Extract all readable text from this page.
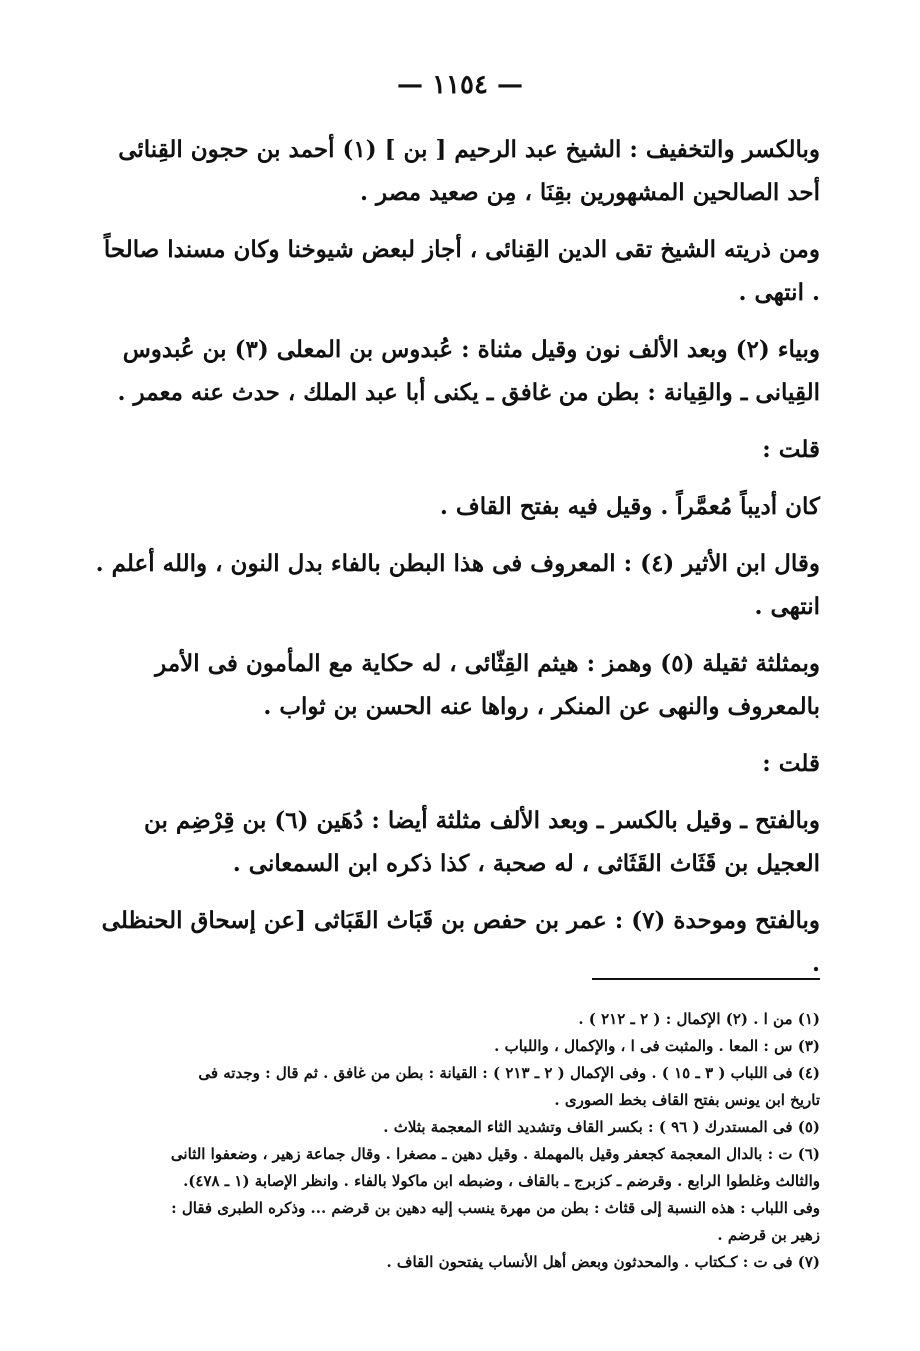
— ١١٥٤ —

وبالكسر والتخفيف : الشيخ عبد الرحيم [ بن ] (١) أحمد بن حجون القِنائى أحد الصالحين المشهورين بقِنَا ، مِن صعيد مصر .

ومن ذريته الشيخ تقى الدين القِنائى ، أجاز لبعض شيوخنا وكان مسندا صالحاً . انتهى .

وبياء (٢) وبعد الألف نون وقيل مثناة : عُبدوس بن المعلى (٣) بن عُبدوس القِيانى ـ والقِيانة : بطن من غافق ـ يكنى أبا عبد الملك ، حدث عنه معمر .

قلت :

كان أديباً مُعمَّراً . وقيل فيه بفتح القاف .

وقال ابن الأثير (٤) : المعروف فى هذا البطن بالفاء بدل النون ، والله أعلم . انتهى .

وبمثلثة ثقيلة (٥) وهمز : هيثم القِثّائى ، له حكاية مع المأمون فى الأمر بالمعروف والنهى عن المنكر ، رواها عنه الحسن بن ثواب .

قلت :

وبالفتح ـ وقيل بالكسر ـ وبعد الألف مثلثة أيضا : دُهَين (٦) بن قِرْضِم بن العجيل بن قَثَاث القَثَاثى ، له صحبة ، كذا ذكره ابن السمعانى .

وبالفتح وموحدة (٧) : عمر بن حفص بن قَبَاث القَبَاثى [عن إسحاق الحنظلى .

(١) من ا . (٢) الإكمال : ( ٢ ـ ٢١٢ ) .

(٣) س : المعا . والمثبت فى ا ، والإكمال ، واللباب .

(٤) فى اللباب ( ٣ ـ ١٥ ) . وفى الإكمال ( ٢ ـ ٢١٣ ) : القيانة : بطن من غافق . ثم قال : وجدته فى

تاريخ ابن يونس بفتح القاف بخط الصورى .

(٥) فى المستدرك ( ٩٦ ) : بكسر القاف وتشديد الثاء المعجمة بثلاث .

(٦) ت : بالدال المعجمة كجعفر وقيل بالمهملة . وقيل دهين ـ مصغرا . وقال جماعة زهير ، وضعفوا الثانى

والثالث وغلطوا الرابع . وقرضم ـ كزبرج ـ بالقاف ، وضبطه ابن ماكولا بالفاء . وانظر الإصابة (١ ـ ٤٧٨).

وفى اللباب : هذه النسبة إلى قثاث : بطن من مهرة ينسب إليه دهين بن قرضم ... وذكره الطبرى فقال :

زهير بن قرضم .

(٧) فى ت : كـكتاب . والمحدثون وبعض أهل الأنساب يفتحون القاف .
